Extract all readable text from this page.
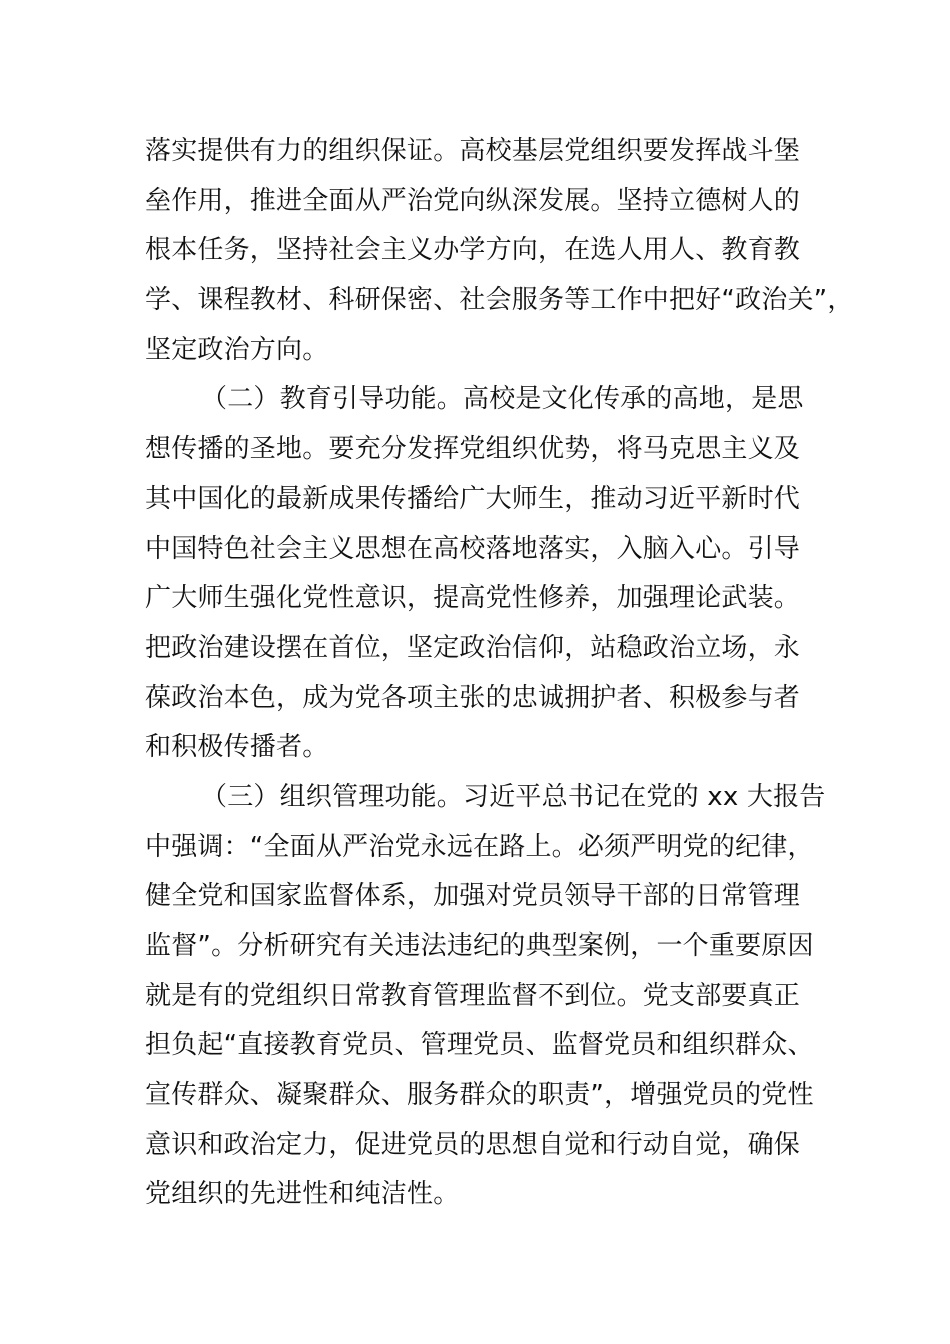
落实提供有力的组织保证。高校基层党组织要发挥战斗堡
垒作用，推进全面从严治党向纵深发展。坚持立德树人的
根本任务，坚持社会主义办学方向，在选人用人、教育教
学、课程教材、科研保密、社会服务等工作中把好“政治关”，
坚定政治方向。
（二）教育引导功能。高校是文化传承的高地，是思
想传播的圣地。要充分发挥党组织优势，将马克思主义及
其中国化的最新成果传播给广大师生，推动习近平新时代
中国特色社会主义思想在高校落地落实，入脑入心。引导
广大师生强化党性意识，提高党性修养，加强理论武装。
把政治建设摆在首位，坚定政治信仰，站稳政治立场，永
葆政治本色，成为党各项主张的忠诚拥护者、积极参与者
和积极传播者。
（三）组织管理功能。习近平总书记在党的 xx 大报告
中强调：“全面从严治党永远在路上。必须严明党的纪律，
健全党和国家监督体系，加强对党员领导干部的日常管理
监督”。分析研究有关违法违纪的典型案例，一个重要原因
就是有的党组织日常教育管理监督不到位。党支部要真正
担负起“直接教育党员、管理党员、监督党员和组织群众、
宣传群众、凝聚群众、服务群众的职责”，增强党员的党性
意识和政治定力，促进党员的思想自觉和行动自觉，确保
党组织的先进性和纯洁性。
